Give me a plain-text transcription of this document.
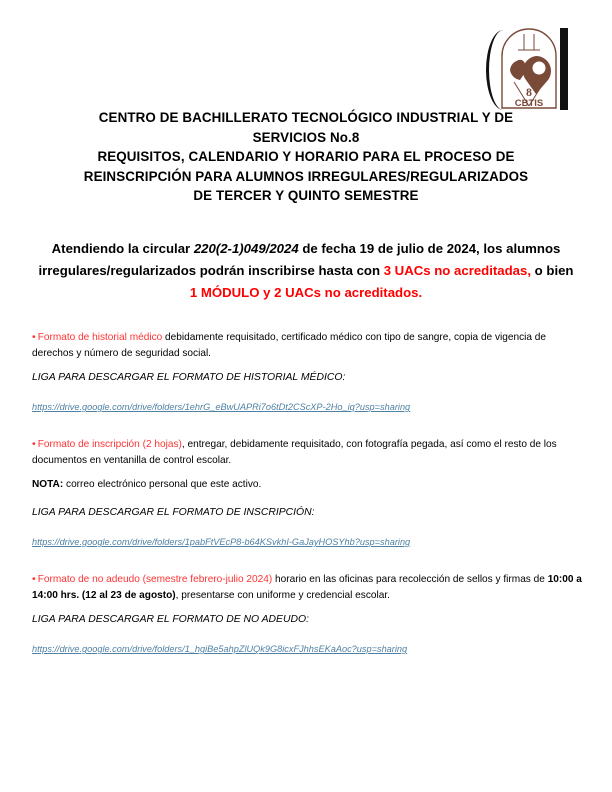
8
CBTIS
CENTRO DE BACHILLERATO TECNOLÓGICO INDUSTRIAL Y DE
SERVICIOS No.8
REQUISITOS, CALENDARIO Y HORARIO PARA EL PROCESO DE
REINSCRIPCIÓN PARA ALUMNOS IRREGULARES/REGULARIZADOS
DE TERCER Y QUINTO SEMESTRE
Atendiendo la circular 220(2-1)049/2024 de fecha 19 de julio de 2024, los alumnos irregulares/regularizados podrán inscribirse hasta con 3 UACs no acreditadas, o bien 1 MÓDULO y 2 UACs no acreditados.

• Formato de historial médico debidamente requisitado, certificado médico con tipo de sangre, copia de vigencia de derechos y número de seguridad social.

LIGA PARA DESCARGAR EL FORMATO DE HISTORIAL MÉDICO:

https://drive.google.com/drive/folders/1ehrG_eBwUAPRi7o6tDt2CScXP-2Ho_iq?usp=sharing

• Formato de inscripción (2 hojas), entregar, debidamente requisitado, con fotografía pegada, así como el resto de los documentos en ventanilla de control escolar.

NOTA: correo electrónico personal que este activo.

LIGA PARA DESCARGAR EL FORMATO DE INSCRIPCIÓN:

https://drive.google.com/drive/folders/1pabFtVEcP8-b64KSvkhI-GaJayHOSYhb?usp=sharing

• Formato de no adeudo (semestre febrero-julio 2024) horario en las oficinas para recolección de sellos y firmas de 10:00 a 14:00 hrs. (12 al 23 de agosto), presentarse con uniforme y credencial escolar.

LIGA PARA DESCARGAR EL FORMATO DE NO ADEUDO:

https://drive.google.com/drive/folders/1_hgiBe5ahpZlUQk9G8icxFJhhsEKaAoc?usp=sharing
